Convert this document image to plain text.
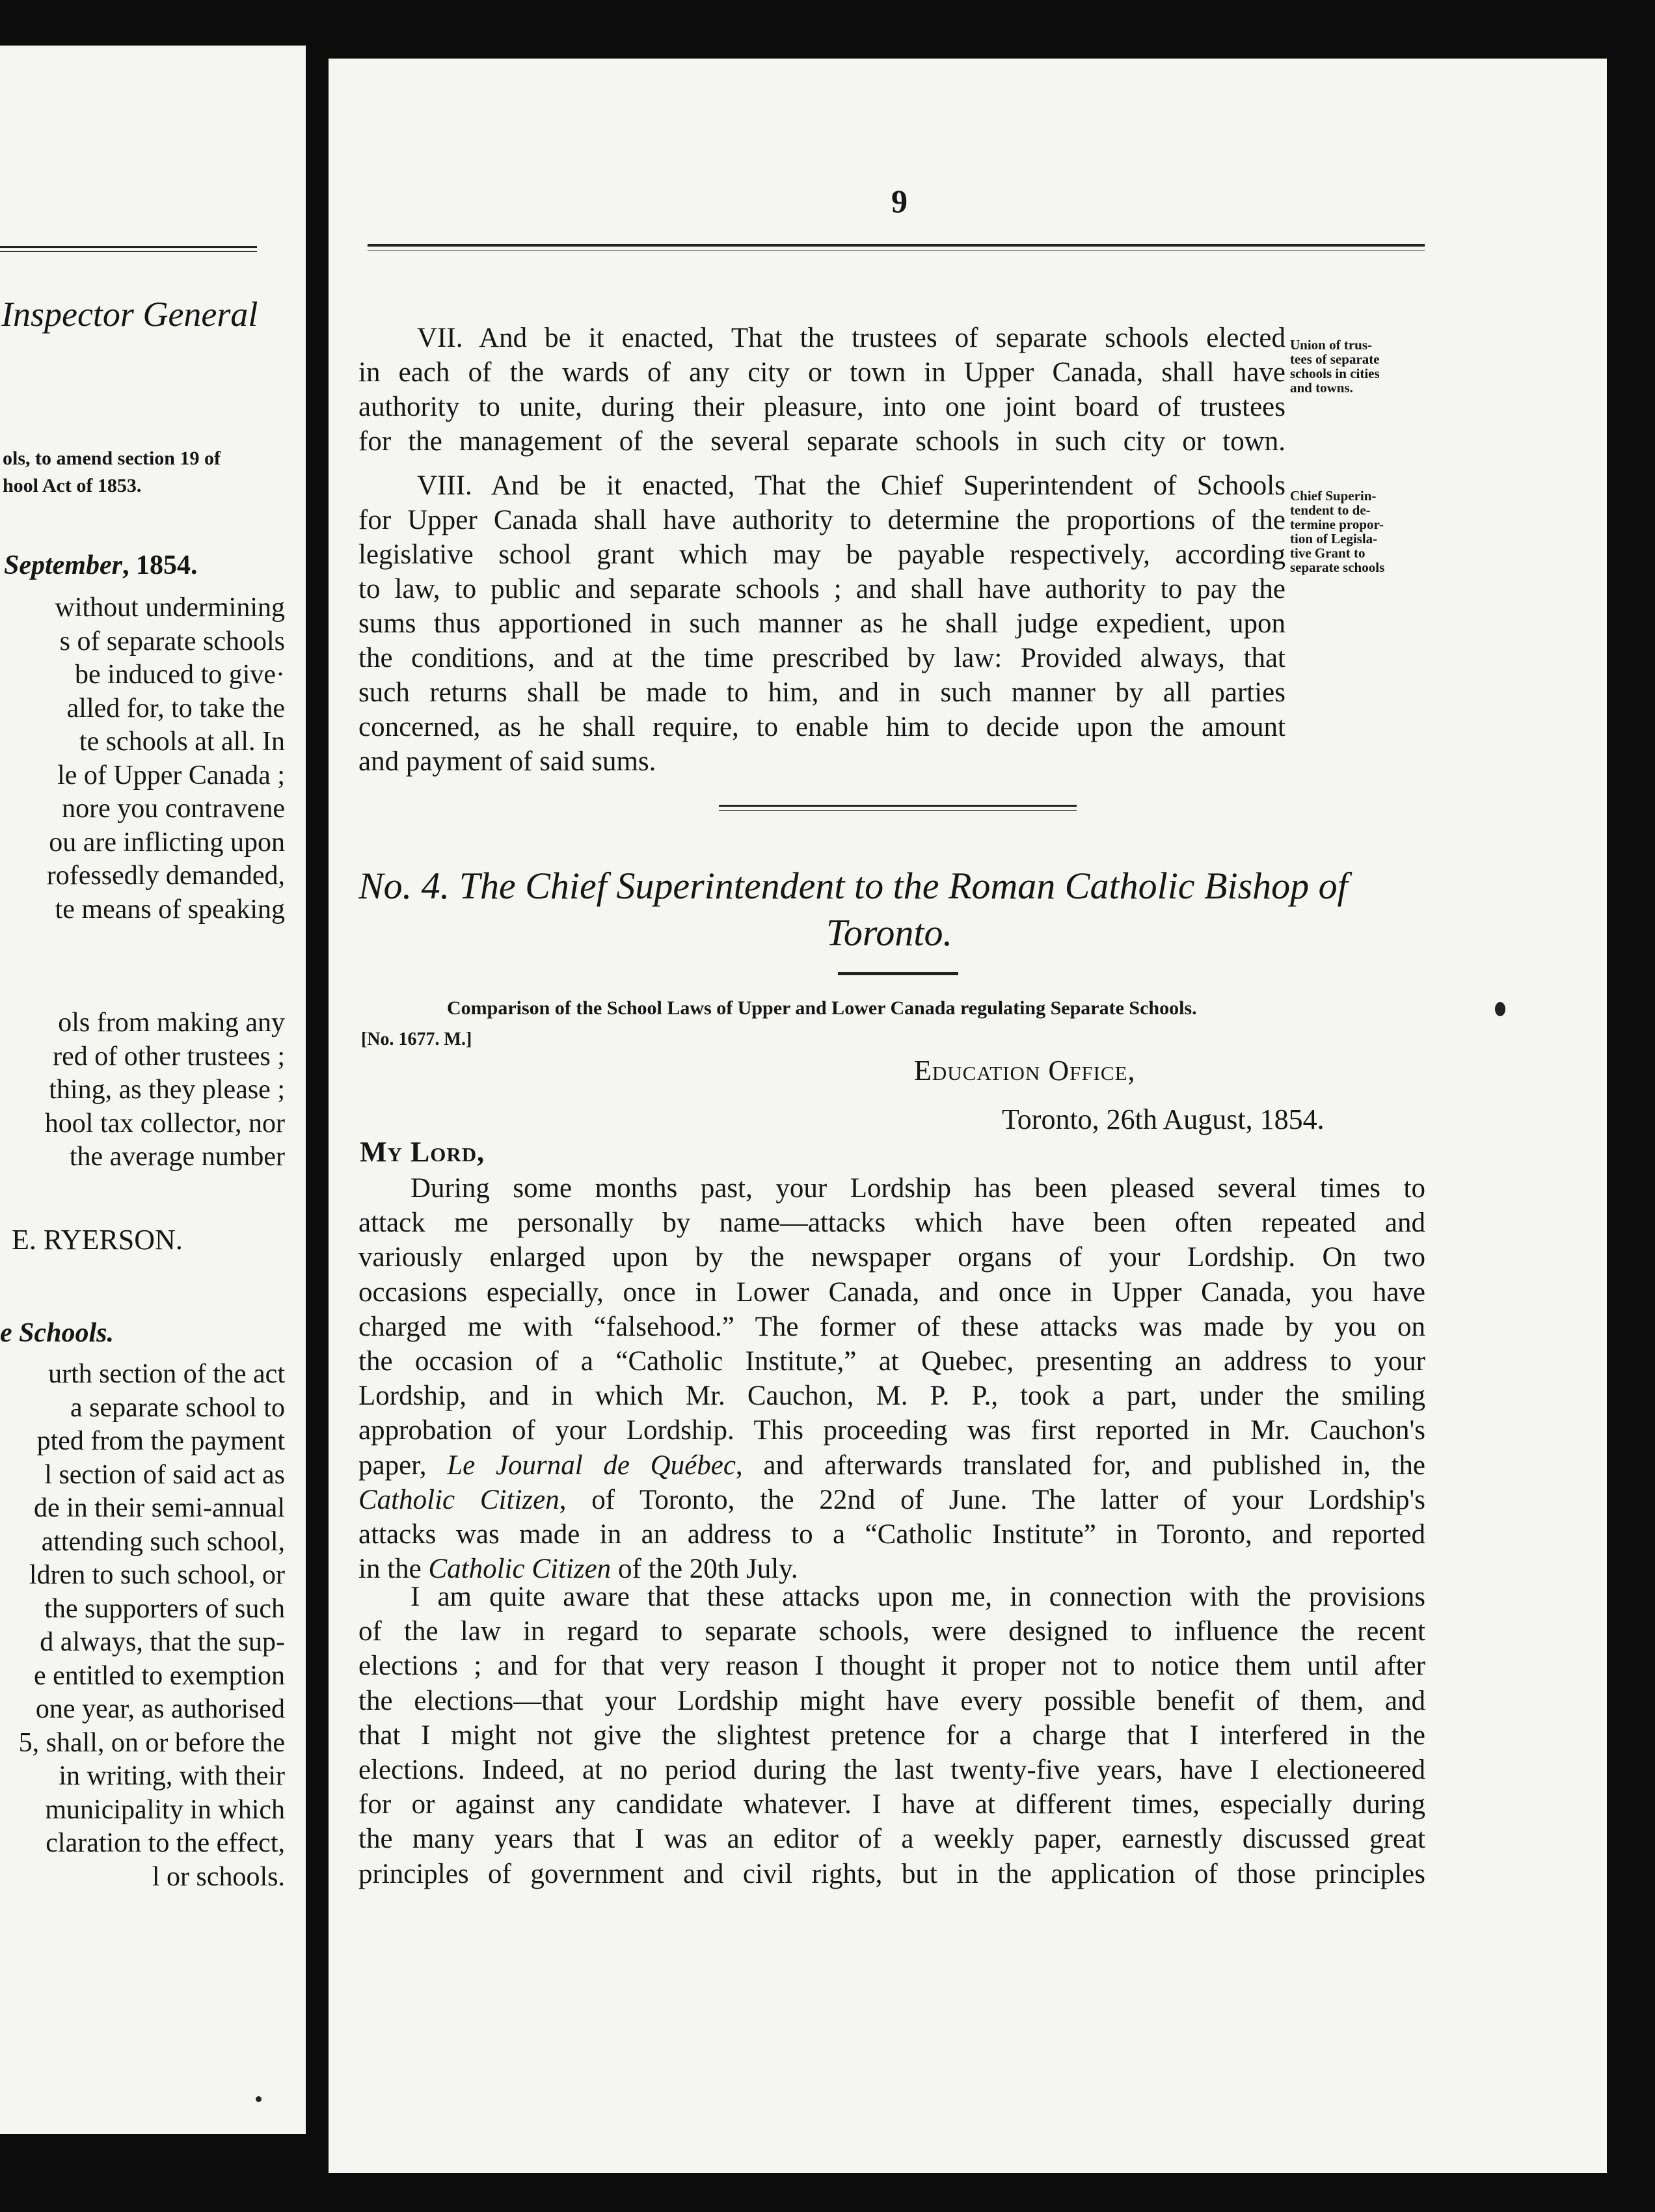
Inspector General
ols, to amend section 19 of
hool Act of 1853.
September, 1854.
without undermining
s of separate schools
be induced to give·
alled for, to take the
te schools at all. In
le of Upper Canada ;
nore you contravene
ou are inflicting upon
rofessedly demanded,
te means of speaking
ols from making any
red of other trustees ;
thing, as they please ;
hool tax collector, nor
the average number
E. RYERSON.
e Schools.
urth section of the act
a separate school to
pted from the payment
l section of said act as
de in their semi-annual
attending such school,
ldren to such school, or
the supporters of such
d always, that the sup-
e entitled to exemption
one year, as authorised
5, shall, on or before the
in writing, with their
municipality in which
claration to the effect,
l or schools.
9
VII. And be it enacted, That the trustees of separate schools elected
in each of the wards of any city or town in Upper Canada, shall have
authority to unite, during their pleasure, into one joint board of trustees
for the management of the several separate schools in such city or town.
VIII. And be it enacted, That the Chief Superintendent of Schools
for Upper Canada shall have authority to determine the proportions of the
legislative school grant which may be payable respectively, according
to law, to public and separate schools ; and shall have authority to pay the
sums thus apportioned in such manner as he shall judge expedient, upon
the conditions, and at the time prescribed by law: Provided always, that
such returns shall be made to him, and in such manner by all parties
concerned, as he shall require, to enable him to decide upon the amount
and payment of said sums.
Union of trus-
tees of separate
schools in cities
and towns.
Chief Superin-
tendent to de-
termine propor-
tion of Legisla-
tive Grant to
separate schools
No. 4. The Chief Superintendent to the Roman Catholic Bishop of
Toronto.
Comparison of the School Laws of Upper and Lower Canada regulating Separate Schools.
[No. 1677. M.]
Education Office,
Toronto, 26th August, 1854.
My Lord,
During some months past, your Lordship has been pleased several times to
attack me personally by name—attacks which have been often repeated and
variously enlarged upon by the newspaper organs of your Lordship. On two
occasions especially, once in Lower Canada, and once in Upper Canada, you have
charged me with “falsehood.” The former of these attacks was made by you on
the occasion of a “Catholic Institute,” at Quebec, presenting an address to your
Lordship, and in which Mr. Cauchon, M. P. P., took a part, under the smiling
approbation of your Lordship. This proceeding was first reported in Mr. Cauchon's
paper, Le Journal de Québec, and afterwards translated for, and published in, the
Catholic Citizen, of Toronto, the 22nd of June. The latter of your Lordship's
attacks was made in an address to a “Catholic Institute” in Toronto, and reported
in the Catholic Citizen of the 20th July.
I am quite aware that these attacks upon me, in connection with the provisions
of the law in regard to separate schools, were designed to influence the recent
elections ; and for that very reason I thought it proper not to notice them until after
the elections—that your Lordship might have every possible benefit of them, and
that I might not give the slightest pretence for a charge that I interfered in the
elections. Indeed, at no period during the last twenty-five years, have I electioneered
for or against any candidate whatever. I have at different times, especially during
the many years that I was an editor of a weekly paper, earnestly discussed great
principles of government and civil rights, but in the application of those principles
